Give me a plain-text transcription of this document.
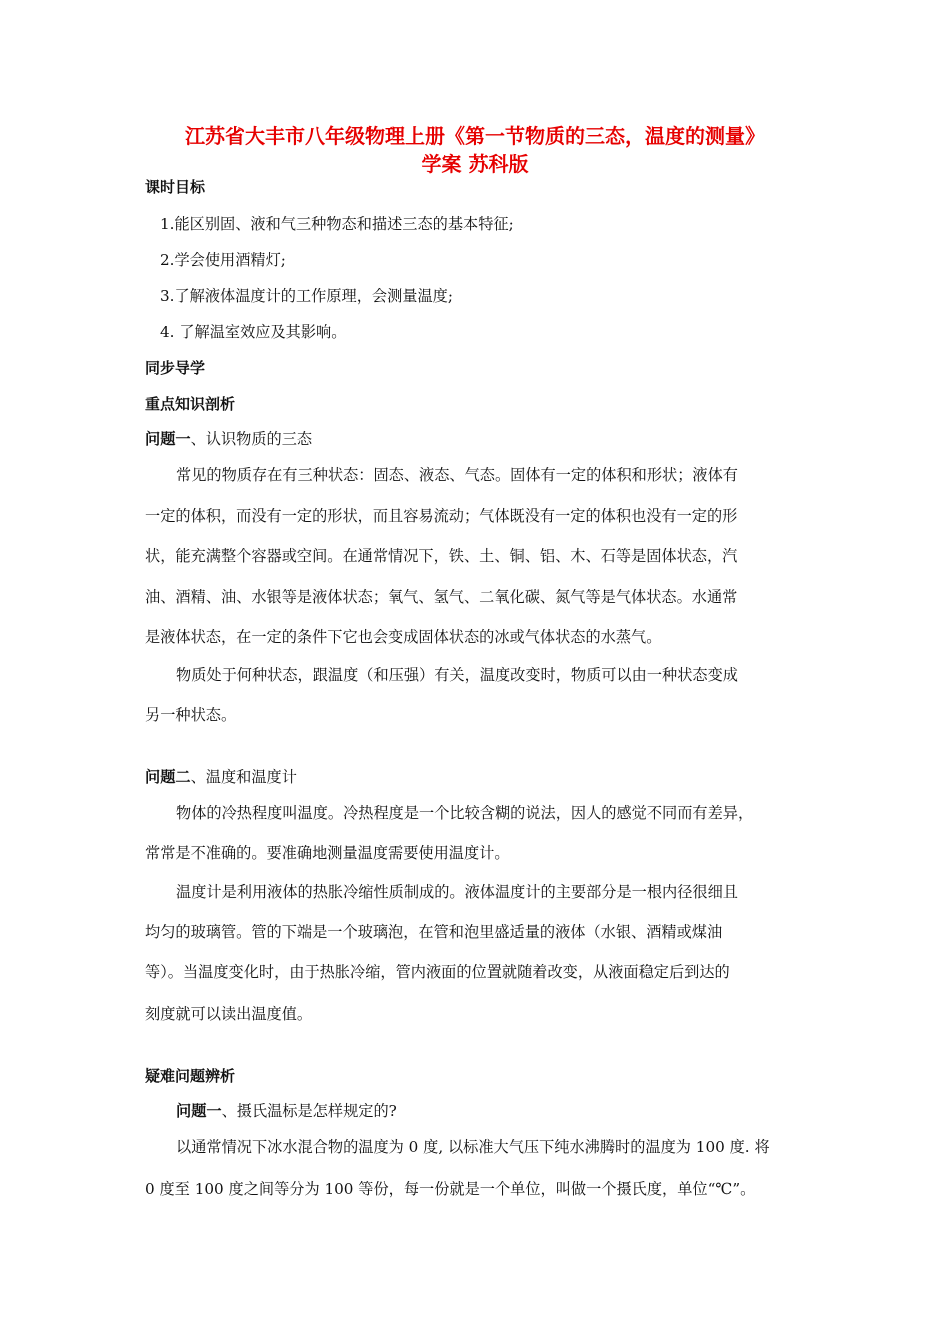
江苏省大丰市八年级物理上册《第一节物质的三态，温度的测量》
学案 苏科版
课时目标
1.能区别固、液和气三种物态和描述三态的基本特征;
2.学会使用酒精灯;
3.了解液体温度计的工作原理，会测量温度;
4. 了解温室效应及其影响。
同步导学
重点知识剖析
问题一、认识物质的三态
常见的物质存在有三种状态：固态、液态、气态。固体有一定的体积和形状；液体有
一定的体积，而没有一定的形状，而且容易流动；气体既没有一定的体积也没有一定的形
状，能充满整个容器或空间。在通常情况下，铁、土、铜、铝、木、石等是固体状态，汽
油、酒精、油、水银等是液体状态；氧气、氢气、二氧化碳、氮气等是气体状态。水通常
是液体状态，在一定的条件下它也会变成固体状态的冰或气体状态的水蒸气。
物质处于何种状态，跟温度（和压强）有关，温度改变时，物质可以由一种状态变成
另一种状态。
问题二、温度和温度计
物体的冷热程度叫温度。冷热程度是一个比较含糊的说法，因人的感觉不同而有差异，
常常是不准确的。要准确地测量温度需要使用温度计。
温度计是利用液体的热胀冷缩性质制成的。液体温度计的主要部分是一根内径很细且
均匀的玻璃管。管的下端是一个玻璃泡，在管和泡里盛适量的液体（水银、酒精或煤油
等）。当温度变化时，由于热胀冷缩，管内液面的位置就随着改变，从液面稳定后到达的
刻度就可以读出温度值。
疑难问题辨析
问题一、摄氏温标是怎样规定的?
以通常情况下冰水混合物的温度为 0 度, 以标准大气压下纯水沸腾时的温度为 100 度. 将
0 度至 100 度之间等分为 100 等份，每一份就是一个单位，叫做一个摄氏度，单位“℃”。
